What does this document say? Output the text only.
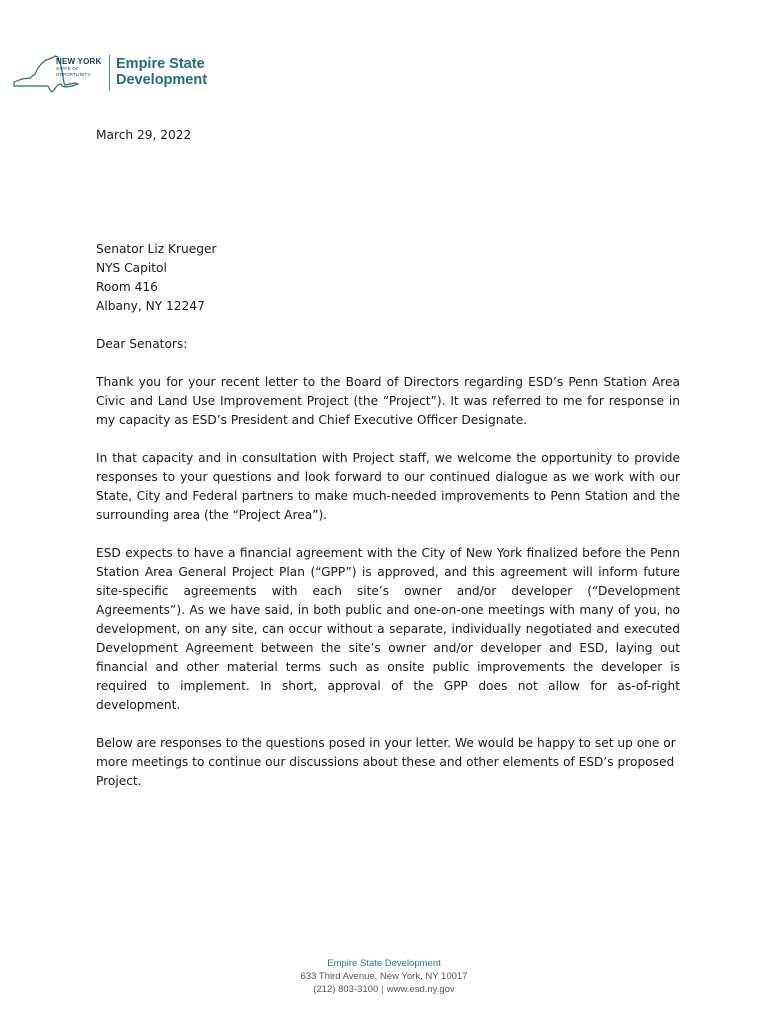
NEW YORK
STATE OF
OPPORTUNITY.
Empire State
Development

March 29, 2022

Senator Liz Krueger

NYS Capitol

Room 416

Albany, NY 12247

Dear Senators:

Thank you for your recent letter to the Board of Directors regarding ESD’s Penn Station Area Civic and Land Use Improvement Project (the “Project”). It was referred to me for response in my capacity as ESD’s President and Chief Executive Officer Designate.

In that capacity and in consultation with Project staff, we welcome the opportunity to provide responses to your questions and look forward to our continued dialogue as we work with our State, City and Federal partners to make much-needed improvements to Penn Station and the surrounding area (the “Project Area”).

ESD expects to have a financial agreement with the City of New York finalized before the Penn Station Area General Project Plan (“GPP”) is approved, and this agreement will inform future site-specific agreements with each site’s owner and/or developer (“Development Agreements”). As we have said, in both public and one-on-one meetings with many of you, no development, on any site, can occur without a separate, individually negotiated and executed Development Agreement between the site’s owner and/or developer and ESD, laying out financial and other material terms such as onsite public improvements the developer is required to implement. In short, approval of the GPP does not allow for as-of-right development.

Below are responses to the questions posed in your letter. We would be happy to set up one or more meetings to continue our discussions about these and other elements of ESD’s proposed Project.

Empire State Development
633 Third Avenue, New York, NY 10017
(212) 803-3100 | www.esd.ny.gov
